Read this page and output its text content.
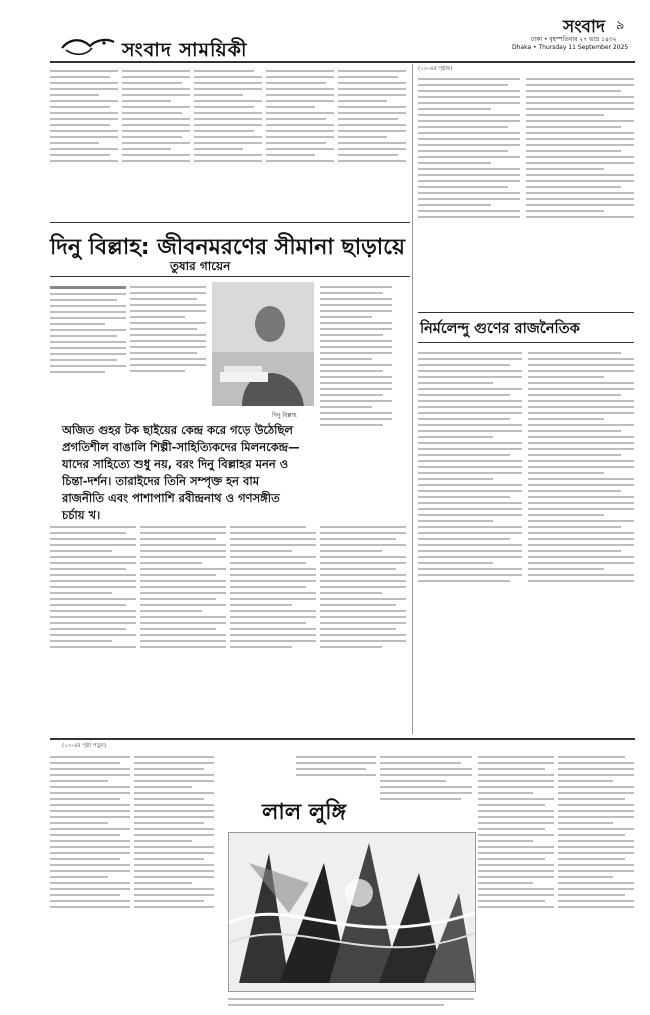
সংবাদ সাময়িকী
সংবাদ ৯
ঢাকা • বৃহস্পতিবার ২৭ ভাদ্র ১৪৩২
Dhaka • Thursday 11 September 2025
দিনু বিল্লাহ: জীবনমরণের সীমানা ছাড়ায়ে
তুষার গায়েন
দিনু বিল্লাহ
অজিত গুহর টক ছাইয়ের কেন্দ্র করে গড়ে উঠেছিল প্রগতিশীল বাঙালি শিল্পী-সাহিত্যিকদের মিলনকেন্দ্র— যাদের সাহিত্যে শুধু নয়, বরং দিনু বিল্লাহর মনন ও চিন্তা-দর্শন। তারাইদের তিনি সম্পৃক্ত হন বাম রাজনীতি এবং পাশাপাশি রবীন্দ্রনাথ ও গণসঙ্গীত চর্চায় খ।
(১০-এর পৃষ্ঠায়)
নির্মলেন্দু গুণের রাজনৈতিক
(১০-এর পৃষ্ঠা পড়ুন)
লাল লুঙ্গি
